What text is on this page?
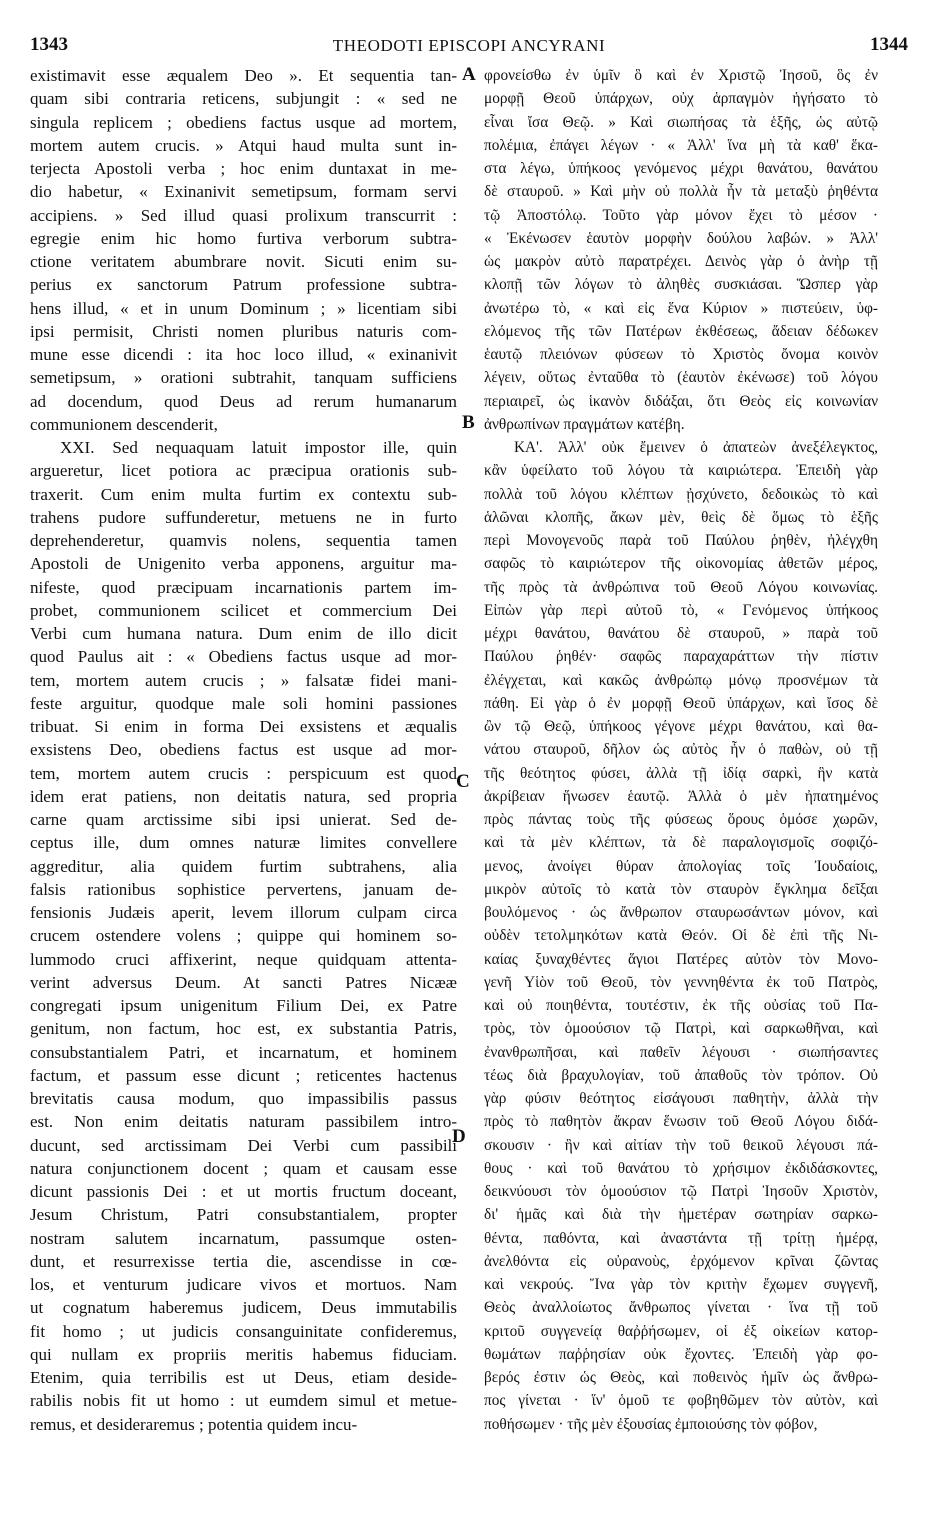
1343	THEODOTI EPISCOPI ANCYRANI	1344
existimavit esse æqualem Deo ». Et sequentia tan-
quam sibi contraria reticens, subjungit : « sed ne
singula replicem ; obediens factus usque ad mortem,
mortem autem crucis. » Atqui haud multa sunt in-
terjecta Apostoli verba ; hoc enim duntaxat in me-
dio habetur, « Exinanivit semetipsum, formam servi
accipiens. » Sed illud quasi prolixum transcurrit :
egregie enim hic homo furtiva verborum subtra-
ctione veritatem abumbrare novit. Sicuti enim su-
perius ex sanctorum Patrum professione subtra-
hens illud, « et in unum Dominum ; » licentiam sibi
ipsi permisit, Christi nomen pluribus naturis com-
mune esse dicendi : ita hoc loco illud, « exinanivit
semetipsum, » orationi subtrahit, tanquam sufficiens
ad docendum, quod Deus ad rerum humanarum
communionem descenderit,
XXI. Sed nequaquam latuit impostor ille, quin
argueretur, licet potiora ac præcipua orationis sub-
traxerit. Cum enim multa furtim ex contextu sub-
trahens pudore suffunderetur, metuens ne in furto
deprehenderetur, quamvis nolens, sequentia tamen
Apostoli de Unigenito verba apponens, arguitur ma-
nifeste, quod præcipuam incarnationis partem im-
probet, communionem scilicet et commercium Dei
Verbi cum humana natura. Dum enim de illo dicit
quod Paulus ait : « Obediens factus usque ad mor-
tem, mortem autem crucis ; » falsatæ fidei mani-
feste arguitur, quodque male soli homini passiones
tribuat. Si enim in forma Dei exsistens et æqualis
exsistens Deo, obediens factus est usque ad mor-
tem, mortem autem crucis : perspicuum est quod
idem erat patiens, non deitatis natura, sed propria
carne quam arctissime sibi ipsi unierat. Sed de-
ceptus ille, dum omnes naturæ limites convellere
aggreditur, alia quidem furtim subtrahens, alia
falsis rationibus sophistice pervertens, januam de-
fensionis Judæis aperit, levem illorum culpam circa
crucem ostendere volens ; quippe qui hominem so-
lummodo cruci affixerint, neque quidquam attenta-
verint adversus Deum. At sancti Patres Nicææ
congregati ipsum unigenitum Filium Dei, ex Patre
genitum, non factum, hoc est, ex substantia Patris,
consubstantialem Patri, et incarnatum, et hominem
factum, et passum esse dicunt ; reticentes hactenus
brevitatis causa modum, quo impassibilis passus
est. Non enim deitatis naturam passibilem intro-
ducunt, sed arctissimam Dei Verbi cum passibili
natura conjunctionem docent ; quam et causam esse
dicunt passionis Dei : et ut mortis fructum doceant,
Jesum Christum, Patri consubstantialem, propter
nostram salutem incarnatum, passumque osten-
dunt, et resurrexisse tertia die, ascendisse in cœ-
los, et venturum judicare vivos et mortuos. Nam
ut cognatum haberemus judicem, Deus immutabilis
fit homo ; ut judicis consanguinitate confideremus,
qui nullam ex propriis meritis habemus fiduciam.
Etenim, quia terribilis est ut Deus, etiam deside-
rabilis nobis fit ut homo : ut eumdem simul et metue-
remus, et desideraremus ; potentia quidem incu-
φρονείσθω ἐν ὑμῖν ὃ καὶ ἐν Χριστῷ Ἰησοῦ, ὃς ἐν
μορφῇ Θεοῦ ὑπάρχων, οὐχ ἁρπαγμὸν ἡγήσατο τὸ
εἶναι ἴσα Θεῷ. » Καὶ σιωπήσας τὰ ἑξῆς, ὡς αὐτῷ
πολέμια, ἐπάγει λέγων · « Ἀλλ' ἵνα μὴ τὰ καθ' ἕκα-
στα λέγω, ὑπήκοος γενόμενος μέχρι θανάτου, θανάτου
δὲ σταυροῦ. » Καὶ μὴν οὐ πολλὰ ἦν τὰ μεταξὺ ῥηθέντα
τῷ Ἀποστόλῳ. Τοῦτο γὰρ μόνον ἔχει τὸ μέσον ·
« Ἐκένωσεν ἑαυτὸν μορφὴν δούλου λαβών. » Ἀλλ'
ὡς μακρὸν αὐτὸ παρατρέχει. Δεινὸς γὰρ ὁ ἀνὴρ τῇ
κλοπῇ τῶν λόγων τὸ ἀληθὲς συσκιάσαι. Ὥσπερ γὰρ
ἀνωτέρω τὸ, « καὶ εἰς ἕνα Κύριον » πιστεύειν, ὑφ-
ελόμενος τῆς τῶν Πατέρων ἐκθέσεως, ἄδειαν δέδωκεν
ἑαυτῷ πλειόνων φύσεων τὸ Χριστὸς ὄνομα κοινὸν
λέγειν, οὕτως ἐνταῦθα τὸ (ἑαυτὸν ἐκένωσε) τοῦ λόγου
περιαιρεῖ, ὡς ἱκανὸν διδάξαι, ὅτι Θεὸς εἰς κοινωνίαν
ἀνθρωπίνων πραγμάτων κατέβη.
ΚΑ'. Ἀλλ' οὐκ ἔμεινεν ὁ ἀπατεὼν ἀνεξέλεγκτος,
κἂν ὑφείλατο τοῦ λόγου τὰ καιριώτερα. Ἐπειδὴ γὰρ
πολλὰ τοῦ λόγου κλέπτων ᾐσχύνετο, δεδοικὼς τὸ καὶ
ἁλῶναι κλοπῆς, ἄκων μὲν, θεὶς δὲ ὅμως τὸ ἑξῆς
περὶ Μονογενοῦς παρὰ τοῦ Παύλου ῥηθὲν, ἠλέγχθη
σαφῶς τὸ καιριώτερον τῆς οἰκονομίας ἀθετῶν μέρος,
τῆς πρὸς τὰ ἀνθρώπινα τοῦ Θεοῦ Λόγου κοινωνίας.
Εἰπὼν γὰρ περὶ αὐτοῦ τὸ, « Γενόμενος ὑπήκοος
μέχρι θανάτου, θανάτου δὲ σταυροῦ, » παρὰ τοῦ
Παύλου ῥηθέν· σαφῶς παραχαράττων τὴν πίστιν
ἐλέγχεται, καὶ κακῶς ἀνθρώπῳ μόνῳ προσνέμων τὰ
πάθη. Εἰ γὰρ ὁ ἐν μορφῇ Θεοῦ ὑπάρχων, καὶ ἴσος δὲ
ὢν τῷ Θεῷ, ὑπήκοος γέγονε μέχρι θανάτου, καὶ θα-
νάτου σταυροῦ, δῆλον ὡς αὐτὸς ἦν ὁ παθὼν, οὐ τῇ
τῆς θεότητος φύσει, ἀλλὰ τῇ ἰδίᾳ σαρκὶ, ἣν κατὰ
ἀκρίβειαν ἥνωσεν ἑαυτῷ. Ἀλλὰ ὁ μὲν ἠπατημένος
πρὸς πάντας τοὺς τῆς φύσεως ὅρους ὁμόσε χωρῶν,
καὶ τὰ μὲν κλέπτων, τὰ δὲ παραλογισμοῖς σοφιζό-
μενος, ἀνοίγει θύραν ἀπολογίας τοῖς Ἰουδαίοις,
μικρὸν αὐτοῖς τὸ κατὰ τὸν σταυρὸν ἔγκλημα δεῖξαι
βουλόμενος · ὡς ἄνθρωπον σταυρωσάντων μόνον, καὶ
οὐδὲν τετολμηκότων κατὰ Θεόν. Οἱ δὲ ἐπὶ τῆς Νι-
καίας ξυναχθέντες ἅγιοι Πατέρες αὐτὸν τὸν Μονο-
γενῆ Υἱὸν τοῦ Θεοῦ, τὸν γεννηθέντα ἐκ τοῦ Πατρὸς,
καὶ οὐ ποιηθέντα, τουτέστιν, ἐκ τῆς οὐσίας τοῦ Πα-
τρὸς, τὸν ὁμοούσιον τῷ Πατρὶ, καὶ σαρκωθῆναι, καὶ
ἐνανθρωπῆσαι, καὶ παθεῖν λέγουσι · σιωπήσαντες
τέως διὰ βραχυλογίαν, τοῦ ἀπαθοῦς τὸν τρόπον. Οὐ
γὰρ φύσιν θεότητος εἰσάγουσι παθητὴν, ἀλλὰ τὴν
πρὸς τὸ παθητὸν ἄκραν ἕνωσιν τοῦ Θεοῦ Λόγου διδά-
σκουσιν · ἣν καὶ αἰτίαν τὴν τοῦ θεικοῦ λέγουσι πά-
θους · καὶ τοῦ θανάτου τὸ χρήσιμον ἐκδιδάσκοντες,
δεικνύουσι τὸν ὁμοούσιον τῷ Πατρὶ Ἰησοῦν Χριστὸν,
δι' ἡμᾶς καὶ διὰ τὴν ἡμετέραν σωτηρίαν σαρκω-
θέντα, παθόντα, καὶ ἀναστάντα τῇ τρίτῃ ἡμέρᾳ,
ἀνελθόντα εἰς οὐρανοὺς, ἐρχόμενον κρῖναι ζῶντας
καὶ νεκρούς. Ἵνα γὰρ τὸν κριτὴν ἔχωμεν συγγενῆ,
Θεὸς ἀναλλοίωτος ἄνθρωπος γίνεται · ἵνα τῇ τοῦ
κριτοῦ συγγενείᾳ θαῤῥήσωμεν, οἱ ἐξ οἰκείων κατορ-
θωμάτων παῤῥησίαν οὐκ ἔχοντες. Ἐπειδὴ γὰρ φο-
βερός ἐστιν ὡς Θεὸς, καὶ ποθεινὸς ἡμῖν ὡς ἄνθρω-
πος γίνεται · ἵν' ὁμοῦ τε φοβηθῶμεν τὸν αὐτὸν, καὶ
ποθήσωμεν · τῆς μὲν ἐξουσίας ἐμποιούσης τὸν φόβον,
A
B
C
D
